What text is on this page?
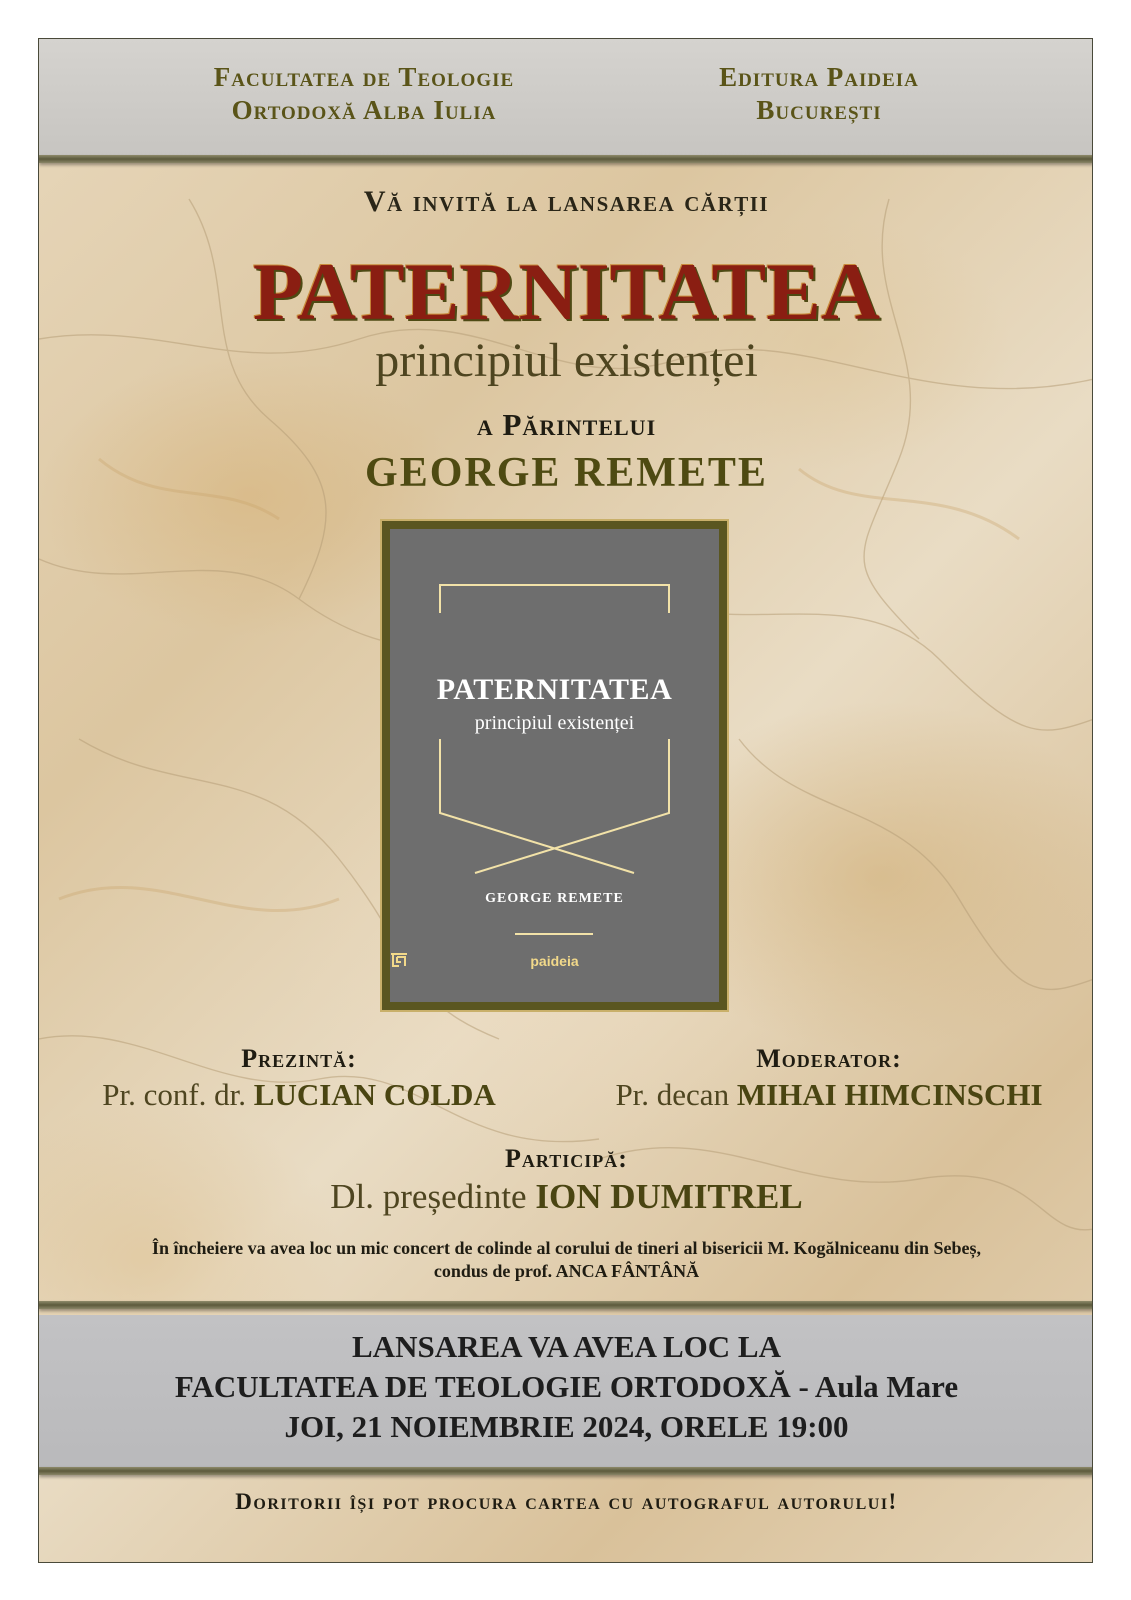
Facultatea de Teologie
Ortodoxă Alba Iulia
Editura Paideia
București
Vă invită la lansarea cărții
PATERNITATEA
principiul existenței
a Părintelui
GEORGE REMETE
PATERNITATEA
principiul existenței
GEORGE REMETE
paideia
Prezintă:
Pr. conf. dr. LUCIAN COLDA
Moderator:
Pr. decan MIHAI HIMCINSCHI
Participă:
Dl. președinte ION DUMITREL
În încheiere va avea loc un mic concert de colinde al corului de tineri al bisericii M. Kogălniceanu din Sebeș,
condus de prof. ANCA FÂNTÂNĂ
LANSAREA VA AVEA LOC LA
FACULTATEA DE TEOLOGIE ORTODOXĂ - Aula Mare
JOI, 21 NOIEMBRIE 2024, ORELE 19:00
Doritorii își pot procura cartea cu autograful autorului!
